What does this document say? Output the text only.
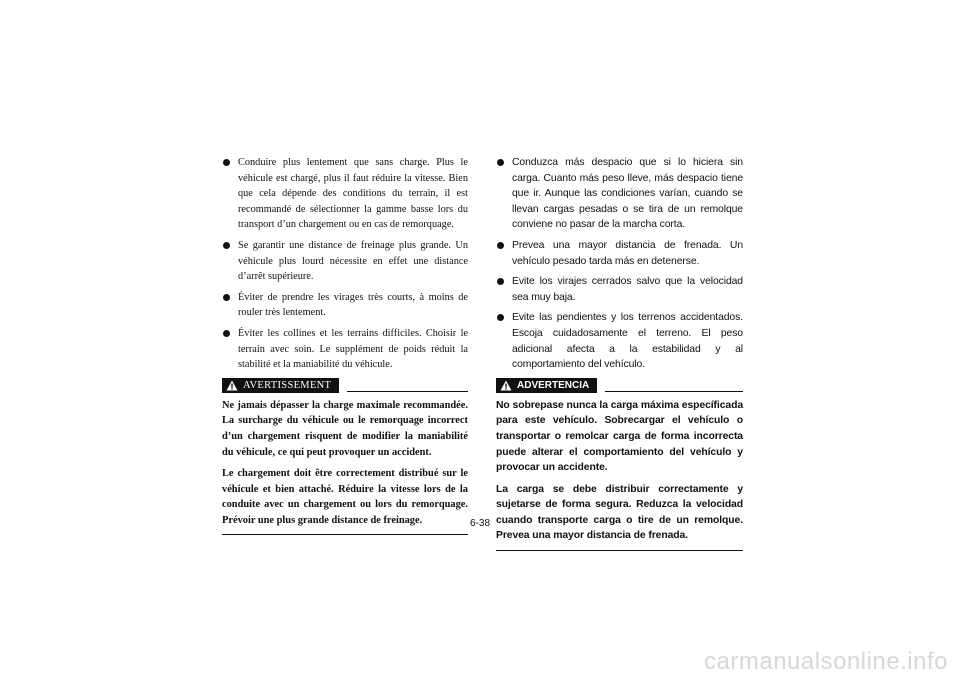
Conduire plus lentement que sans charge. Plus le véhicule est chargé, plus il faut réduire la vitesse. Bien que cela dépende des conditions du terrain, il est recommandé de sélectionner la gamme basse lors du transport d’un chargement ou en cas de remorquage.
Se garantir une distance de freinage plus grande. Un véhicule plus lourd nécessite en effet une distance d’arrêt supérieure.
Éviter de prendre les virages très courts, à moins de rouler très lentement.
Éviter les collines et les terrains difficiles. Choisir le terrain avec soin. Le supplément de poids réduit la stabilité et la maniabilité du véhicule.
AVERTISSEMENT

Ne jamais dépasser la charge maximale recommandée. La surcharge du véhicule ou le remorquage incorrect d’un chargement risquent de modifier la maniabilité du véhicule, ce qui peut provoquer un accident.

Le chargement doit être correctement distribué sur le véhicule et bien attaché. Réduire la vitesse lors de la conduite avec un chargement ou lors du remorquage. Prévoir une plus grande distance de freinage.

Conduzca más despacio que si lo hiciera sin carga. Cuanto más peso lleve, más despacio tiene que ir. Aunque las condiciones varían, cuando se llevan cargas pesadas o se tira de un remolque conviene no pasar de la marcha corta.
Prevea una mayor distancia de frenada. Un vehículo pesado tarda más en detenerse.
Evite los virajes cerrados salvo que la velocidad sea muy baja.
Evite las pendientes y los terrenos accidentados. Escoja cuidadosamente el terreno. El peso adicional afecta a la estabilidad y al comportamiento del vehículo.
ADVERTENCIA

No sobrepase nunca la carga máxima específicada para este vehículo. Sobrecargar el vehículo o transportar o remolcar carga de forma incorrecta puede alterar el comportamiento del vehículo y provocar un accidente.

La carga se debe distribuir correctamente y sujetarse de forma segura. Reduzca la velocidad cuando transporte carga o tire de un remolque. Prevea una mayor distancia de frenada.

6-38
carmanualsonline.info
